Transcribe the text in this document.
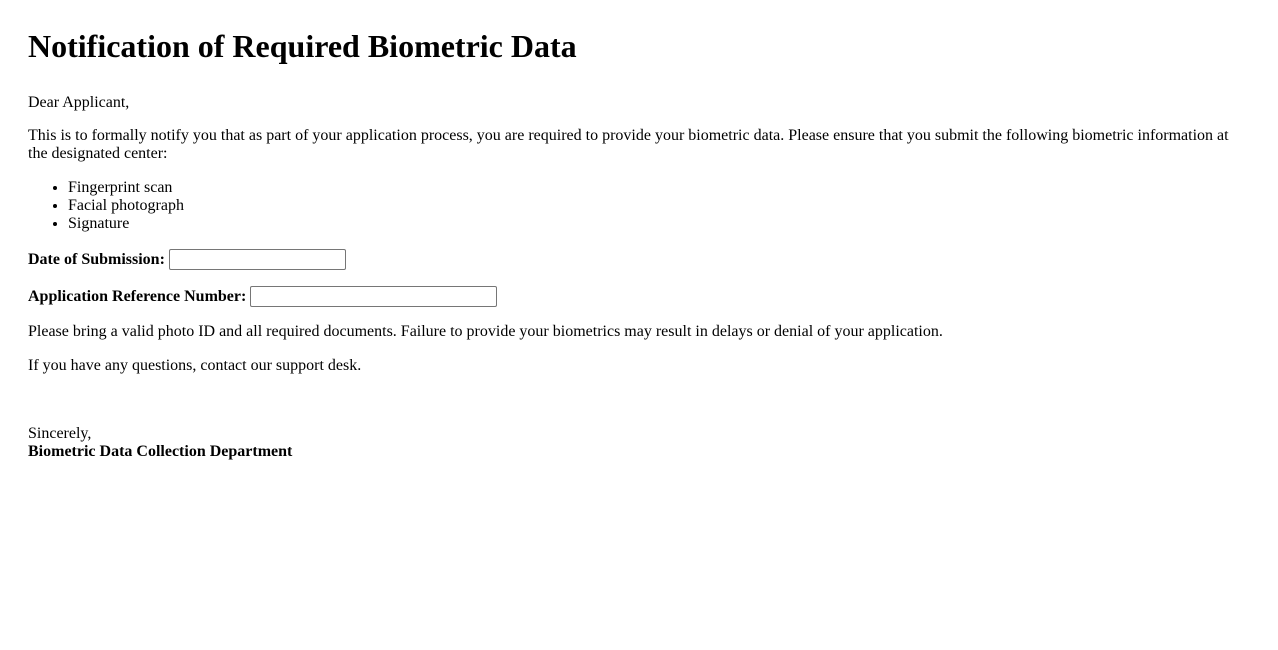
Notification of Required Biometric Data

Dear Applicant,

This is to formally notify you that as part of your application process, you are required to provide your biometric data. Please ensure that you submit the following biometric information at the designated center:

• Fingerprint scan
• Facial photograph
• Signature
Date of Submission:
Application Reference Number:

Please bring a valid photo ID and all required documents. Failure to provide your biometrics may result in delays or denial of your application.

If you have any questions, contact our support desk.

Sincerely,

Biometric Data Collection Department
